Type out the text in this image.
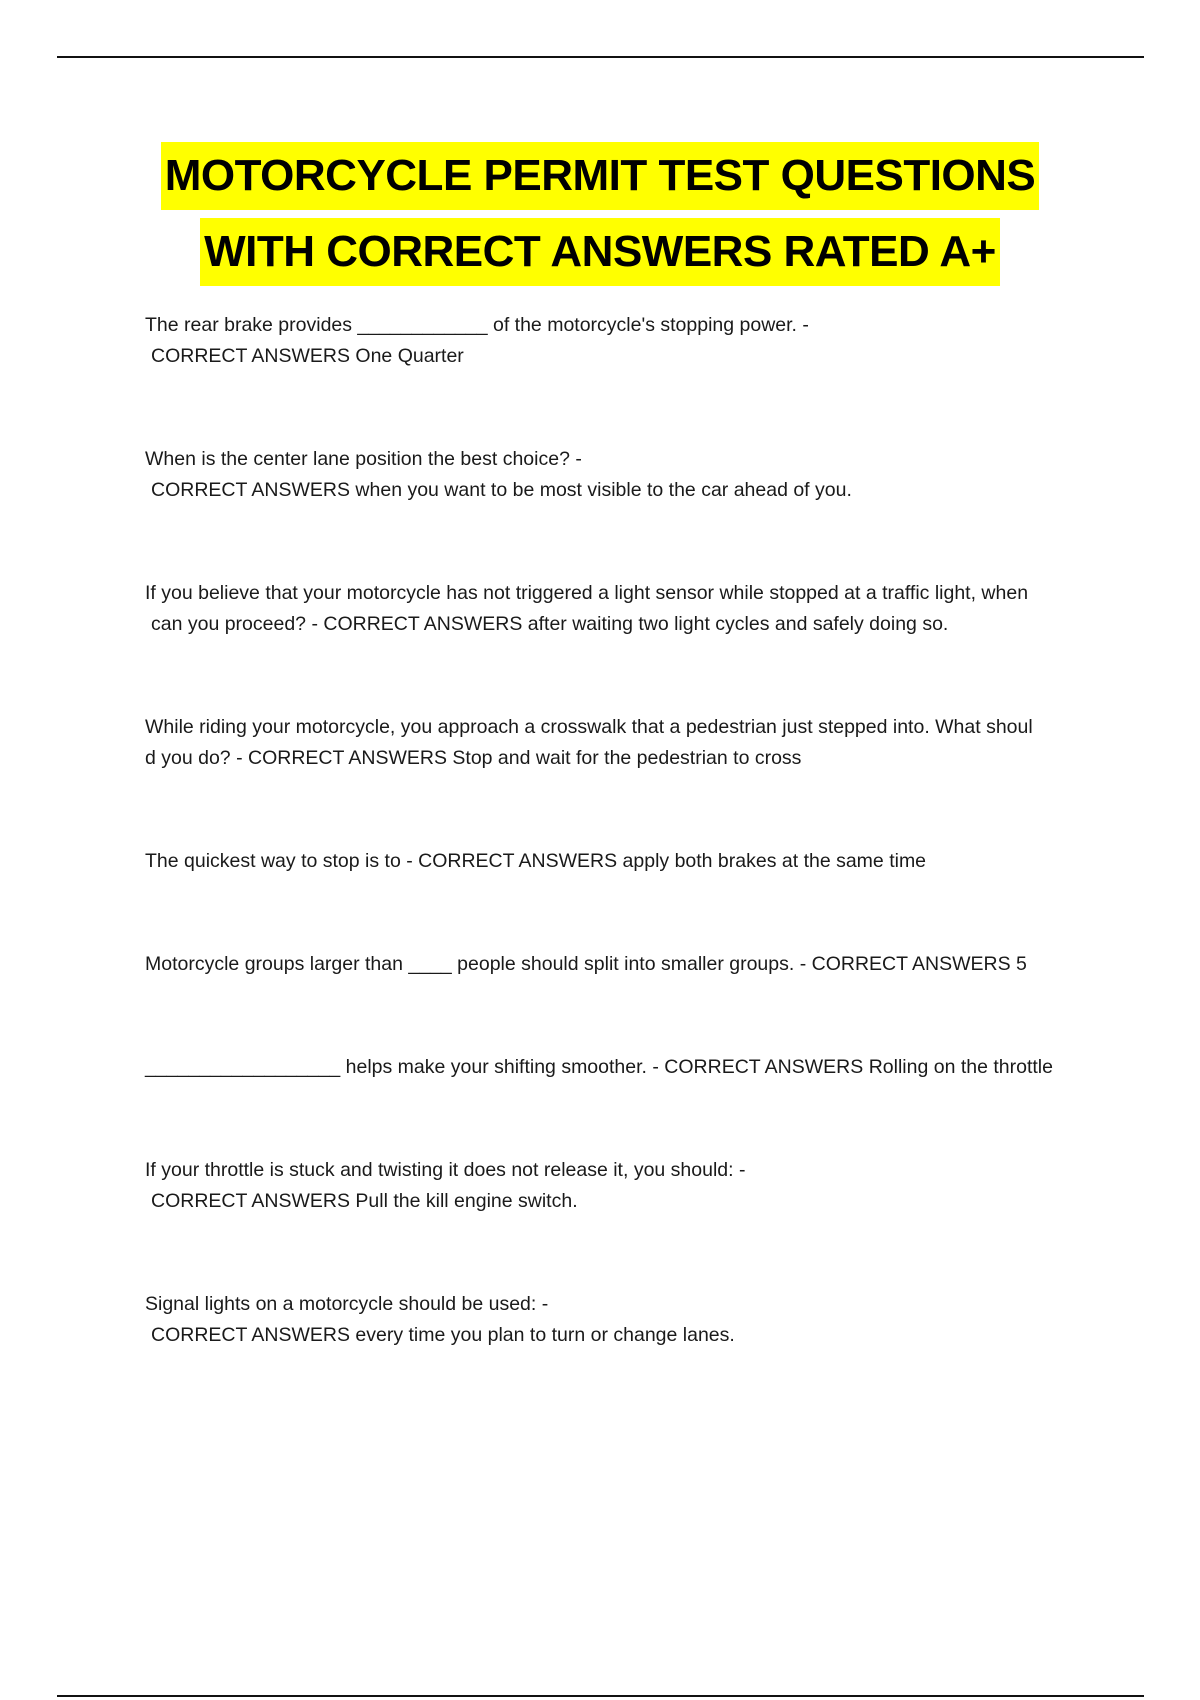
MOTORCYCLE PERMIT TEST QUESTIONS
WITH CORRECT ANSWERS RATED A+

The rear brake provides ____________ of the motorcycle's stopping power. -

CORRECT ANSWERS One Quarter

When is the center lane position the best choice? -

CORRECT ANSWERS when you want to be most visible to the car ahead of you.

If you believe that your motorcycle has not triggered a light sensor while stopped at a traffic light, when

can you proceed? - CORRECT ANSWERS after waiting two light cycles and safely doing so.

While riding your motorcycle, you approach a crosswalk that a pedestrian just stepped into. What shoul

d you do? - CORRECT ANSWERS Stop and wait for the pedestrian to cross

The quickest way to stop is to - CORRECT ANSWERS apply both brakes at the same time

Motorcycle groups larger than ____ people should split into smaller groups. - CORRECT ANSWERS 5

__________________ helps make your shifting smoother. - CORRECT ANSWERS Rolling on the throttle

If your throttle is stuck and twisting it does not release it, you should: -

CORRECT ANSWERS Pull the kill engine switch.

Signal lights on a motorcycle should be used: -

CORRECT ANSWERS every time you plan to turn or change lanes.
